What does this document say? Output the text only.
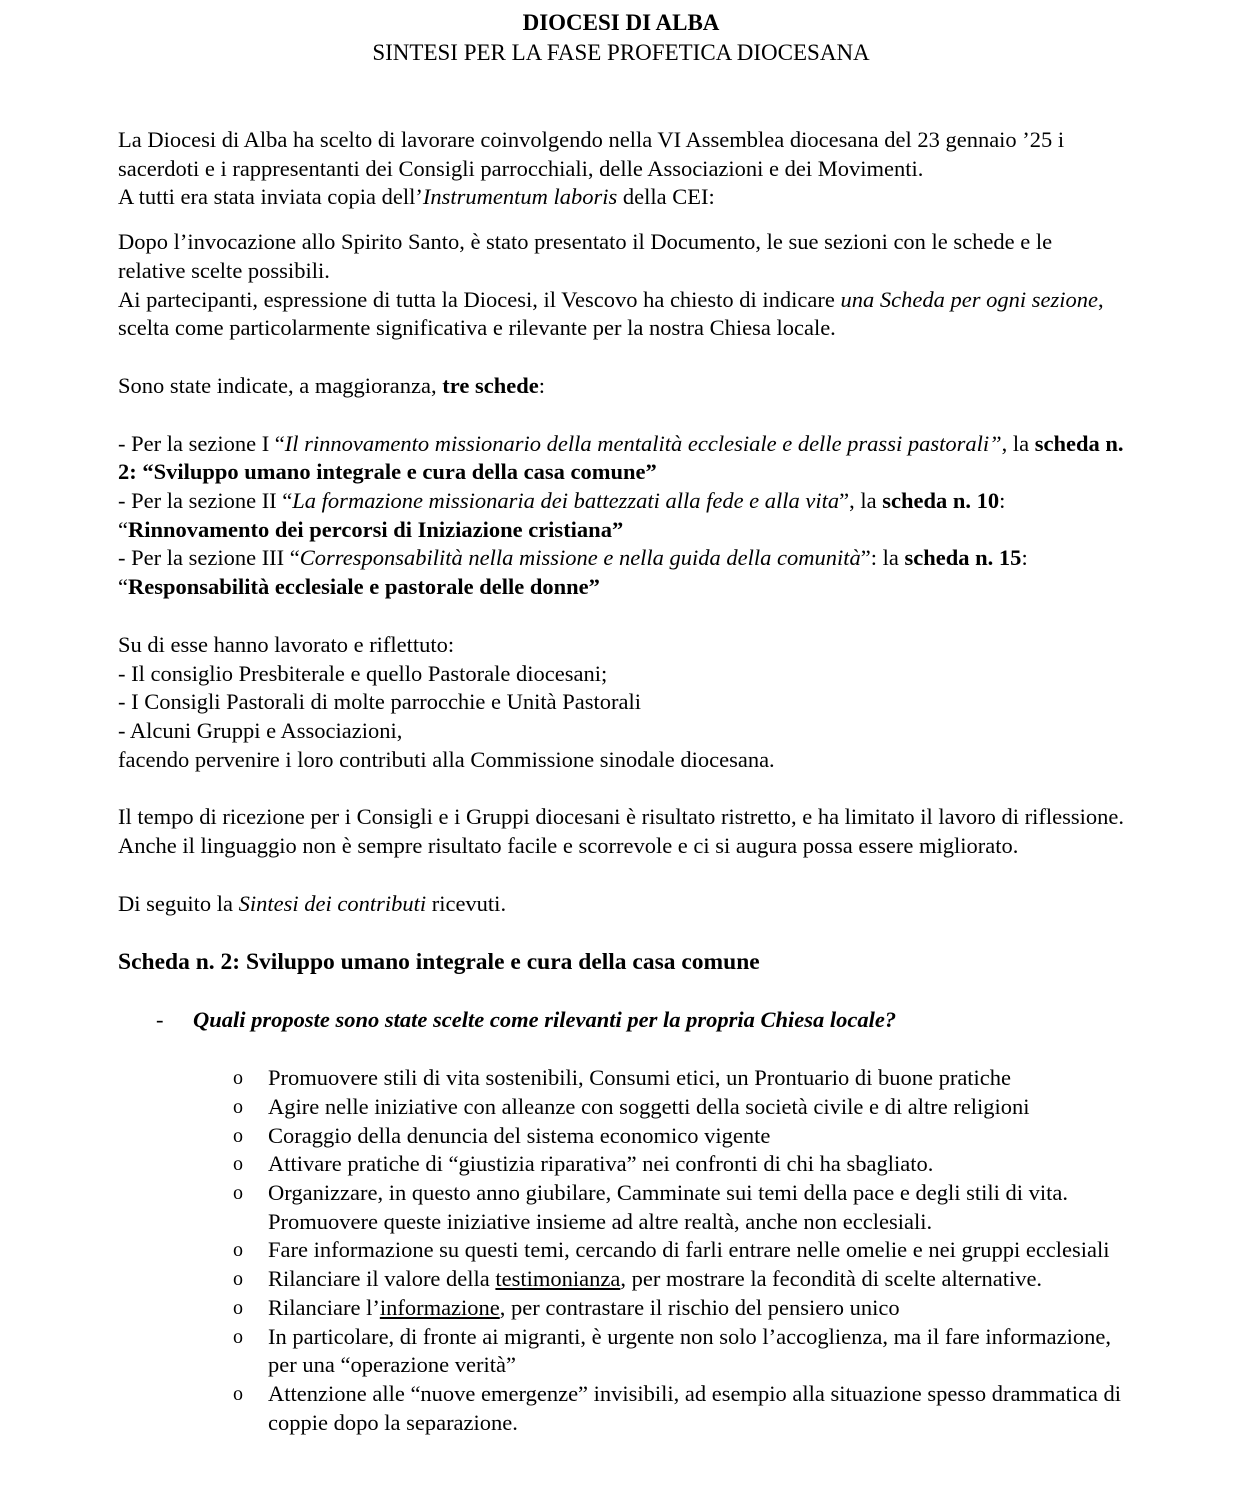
DIOCESI DI ALBA
SINTESI PER LA FASE PROFETICA DIOCESANA

La Diocesi di Alba ha scelto di lavorare coinvolgendo nella VI Assemblea diocesana del 23 gennaio ’25 i sacerdoti e i rappresentanti dei Consigli parrocchiali, delle Associazioni e dei Movimenti.
A tutti era stata inviata copia dell’Instrumentum laboris della CEI:

Dopo l’invocazione allo Spirito Santo, è stato presentato il Documento, le sue sezioni con le schede e le relative scelte possibili.
Ai partecipanti, espressione di tutta la Diocesi, il Vescovo ha chiesto di indicare una Scheda per ogni sezione, scelta come particolarmente significativa e rilevante per la nostra Chiesa locale.

Sono state indicate, a maggioranza, tre schede:

- Per la sezione I “Il rinnovamento missionario della mentalità ecclesiale e delle prassi pastorali”, la scheda n. 2: “Sviluppo umano integrale e cura della casa comune”
- Per la sezione II “La formazione missionaria dei battezzati alla fede e alla vita”, la scheda n. 10: “Rinnovamento dei percorsi di Iniziazione cristiana”
- Per la sezione III “Corresponsabilità nella missione e nella guida della comunità”: la scheda n. 15: “Responsabilità ecclesiale e pastorale delle donne”

Su di esse hanno lavorato e riflettuto:
- Il consiglio Presbiterale e quello Pastorale diocesani;
- I Consigli Pastorali di molte parrocchie e Unità Pastorali
- Alcuni Gruppi e Associazioni,
facendo pervenire i loro contributi alla Commissione sinodale diocesana.

Il tempo di ricezione per i Consigli e i Gruppi diocesani è risultato ristretto, e ha limitato il lavoro di riflessione. Anche il linguaggio non è sempre risultato facile e scorrevole e ci si augura possa essere migliorato.

Di seguito la Sintesi dei contributi ricevuti.

Scheda n. 2: Sviluppo umano integrale e cura della casa comune
- Quali proposte sono state scelte come rilevanti per la propria Chiesa locale?
o Promuovere stili di vita sostenibili, Consumi etici, un Prontuario di buone pratiche
o Agire nelle iniziative con alleanze con soggetti della società civile e di altre religioni
o Coraggio della denuncia del sistema economico vigente
o Attivare pratiche di “giustizia riparativa” nei confronti di chi ha sbagliato.
o Organizzare, in questo anno giubilare, Camminate sui temi della pace e degli stili di vita. Promuovere queste iniziative insieme ad altre realtà, anche non ecclesiali.
o Fare informazione su questi temi, cercando di farli entrare nelle omelie e nei gruppi ecclesiali
o Rilanciare il valore della testimonianza, per mostrare la fecondità di scelte alternative.
o Rilanciare l’informazione, per contrastare il rischio del pensiero unico
o In particolare, di fronte ai migranti, è urgente non solo l’accoglienza, ma il fare informazione, per una “operazione verità”
o Attenzione alle “nuove emergenze” invisibili, ad esempio alla situazione spesso drammatica di coppie dopo la separazione.
